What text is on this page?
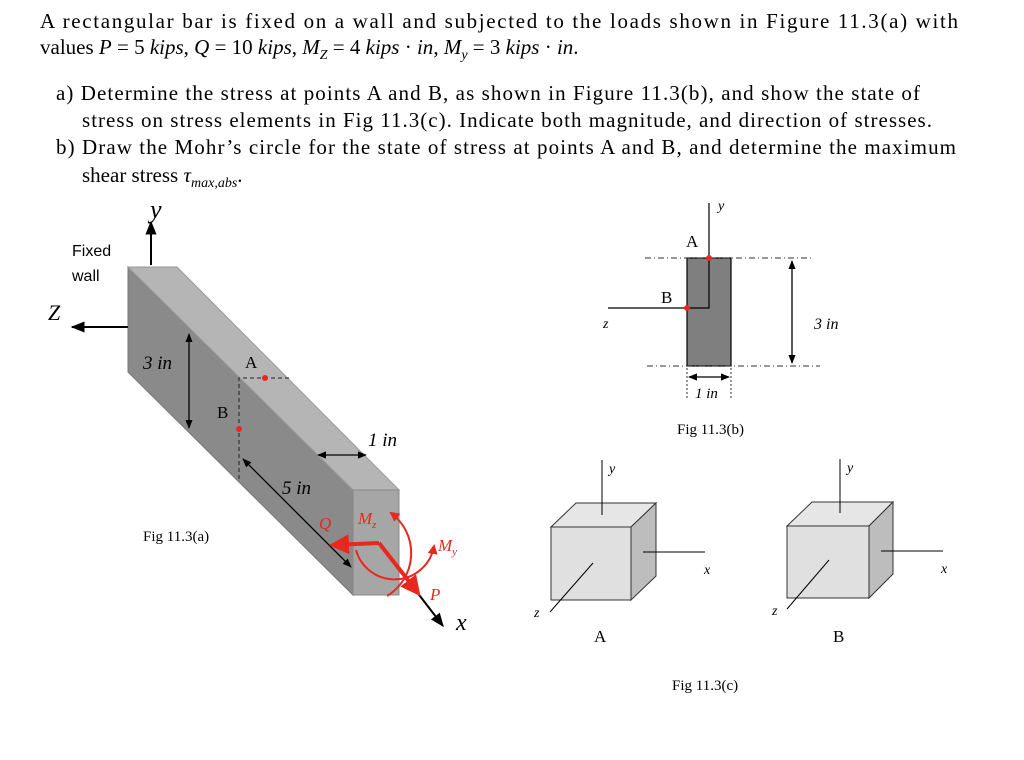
A rectangular bar is fixed on a wall and subjected to the loads shown in Figure 11.3(a) with
values P = 5 kips, Q = 10 kips, $M_Z = 4$ kips · in, $M_y = 3$ kips · in.
a) Determine the stress at points A and B, as shown in Figure 11.3(b), and show the state of
stress on stress elements in Fig 11.3(c). Indicate both magnitude, and direction of stresses.
b) Draw the Mohr’s circle for the state of stress at points A and B, and determine the maximum
shear stress $\tau_{max,abs}$.
y
Z
Fixed
wall
3 in	A
B
1 in
5 in
Fig 11.3(a)
x
Q
P
$M_z$
$M_y$
y
z
A
B
3 in
1 in
Fig 11.3(b)
y
x
z
A
y
x
z
B
Fig 11.3(c)
